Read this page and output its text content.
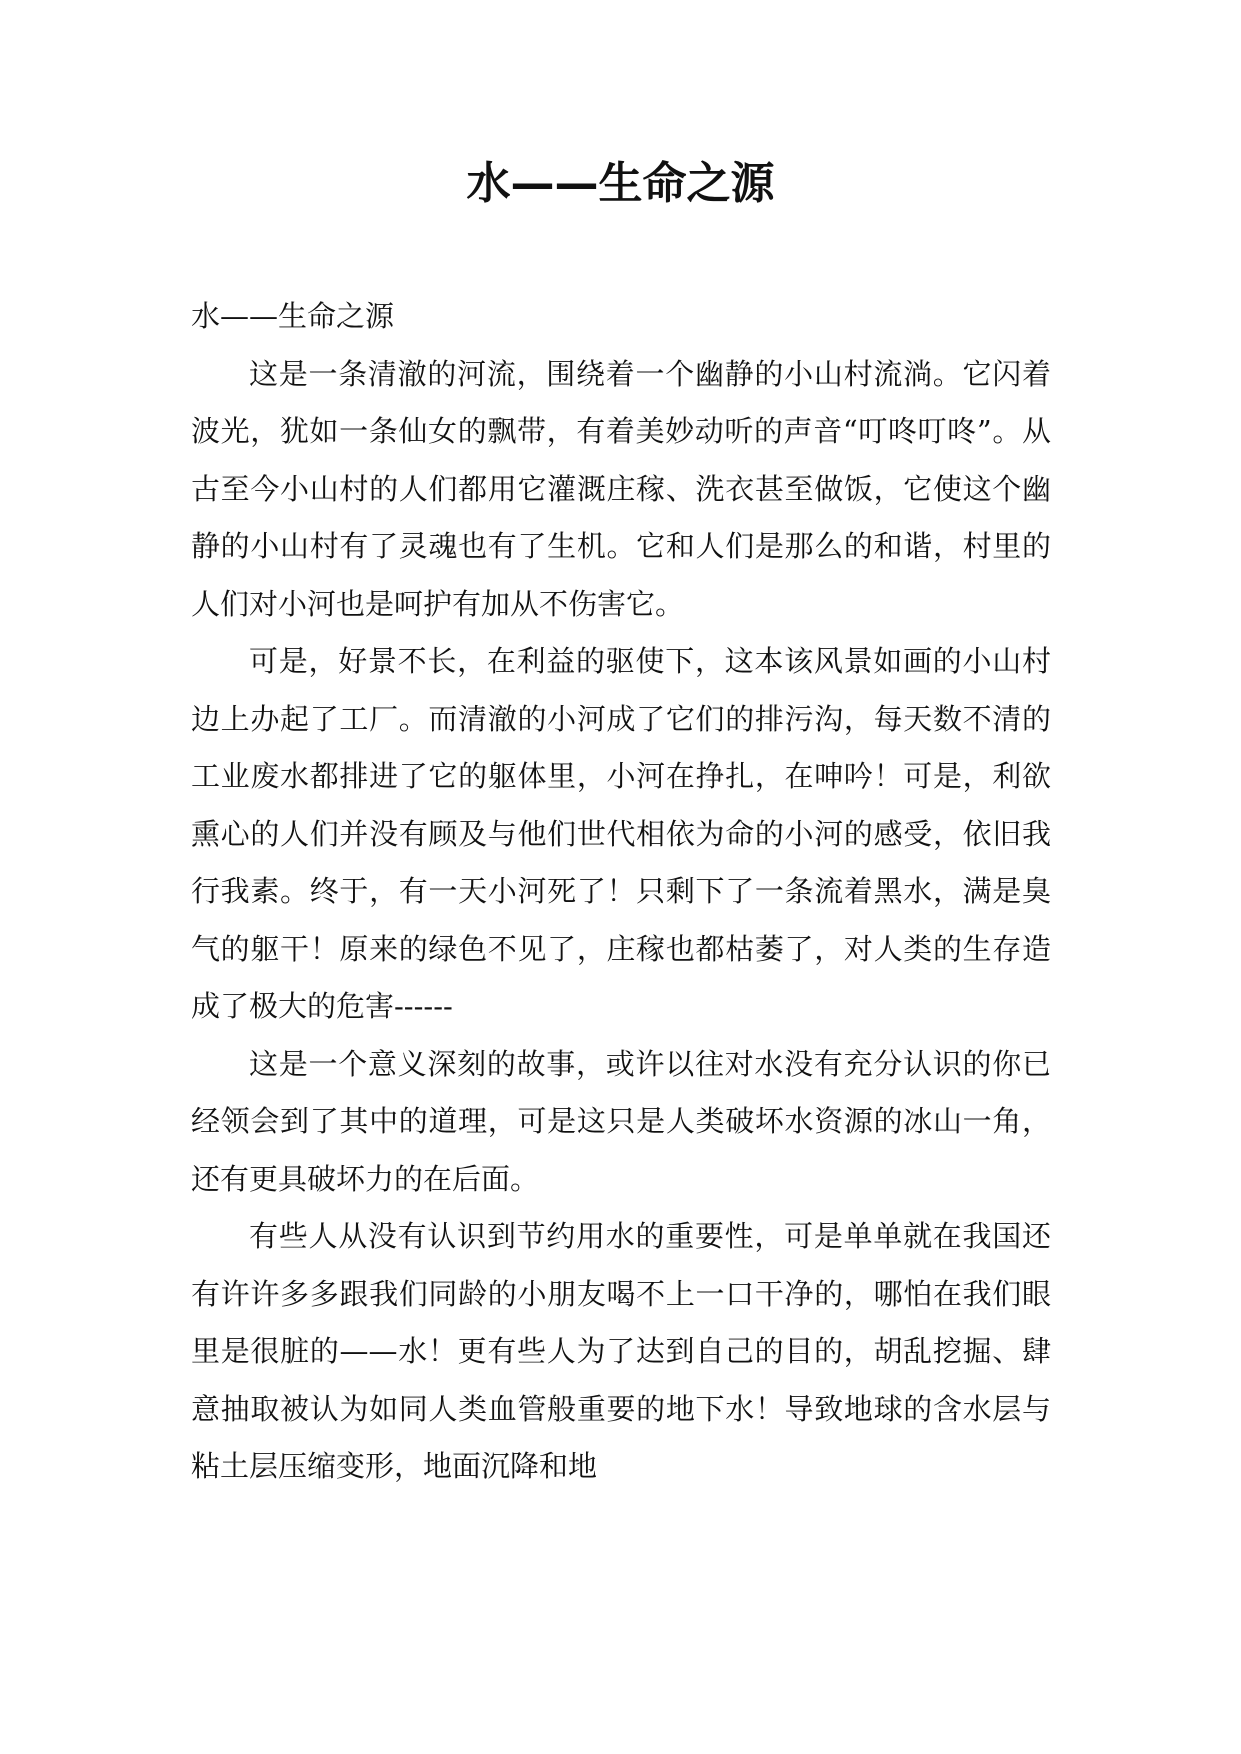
水——生命之源

水——生命之源

这是一条清澈的河流，围绕着一个幽静的小山村流淌。它闪着波光，犹如一条仙女的飘带，有着美妙动听的声音“叮咚叮咚”。从古至今小山村的人们都用它灌溉庄稼、洗衣甚至做饭，它使这个幽静的小山村有了灵魂也有了生机。它和人们是那么的和谐，村里的人们对小河也是呵护有加从不伤害它。

可是，好景不长，在利益的驱使下，这本该风景如画的小山村边上办起了工厂。而清澈的小河成了它们的排污沟，每天数不清的工业废水都排进了它的躯体里，小河在挣扎，在呻吟！可是，利欲熏心的人们并没有顾及与他们世代相依为命的小河的感受，依旧我行我素。终于，有一天小河死了！只剩下了一条流着黑水，满是臭气的躯干！原来的绿色不见了，庄稼也都枯萎了，对人类的生存造成了极大的危害------

这是一个意义深刻的故事，或许以往对水没有充分认识的你已经领会到了其中的道理，可是这只是人类破坏水资源的冰山一角，还有更具破坏力的在后面。

有些人从没有认识到节约用水的重要性，可是单单就在我国还有许许多多跟我们同龄的小朋友喝不上一口干净的，哪怕在我们眼里是很脏的——水！更有些人为了达到自己的目的，胡乱挖掘、肆意抽取被认为如同人类血管般重要的地下水！导致地球的含水层与粘土层压缩变形，地面沉降和地
